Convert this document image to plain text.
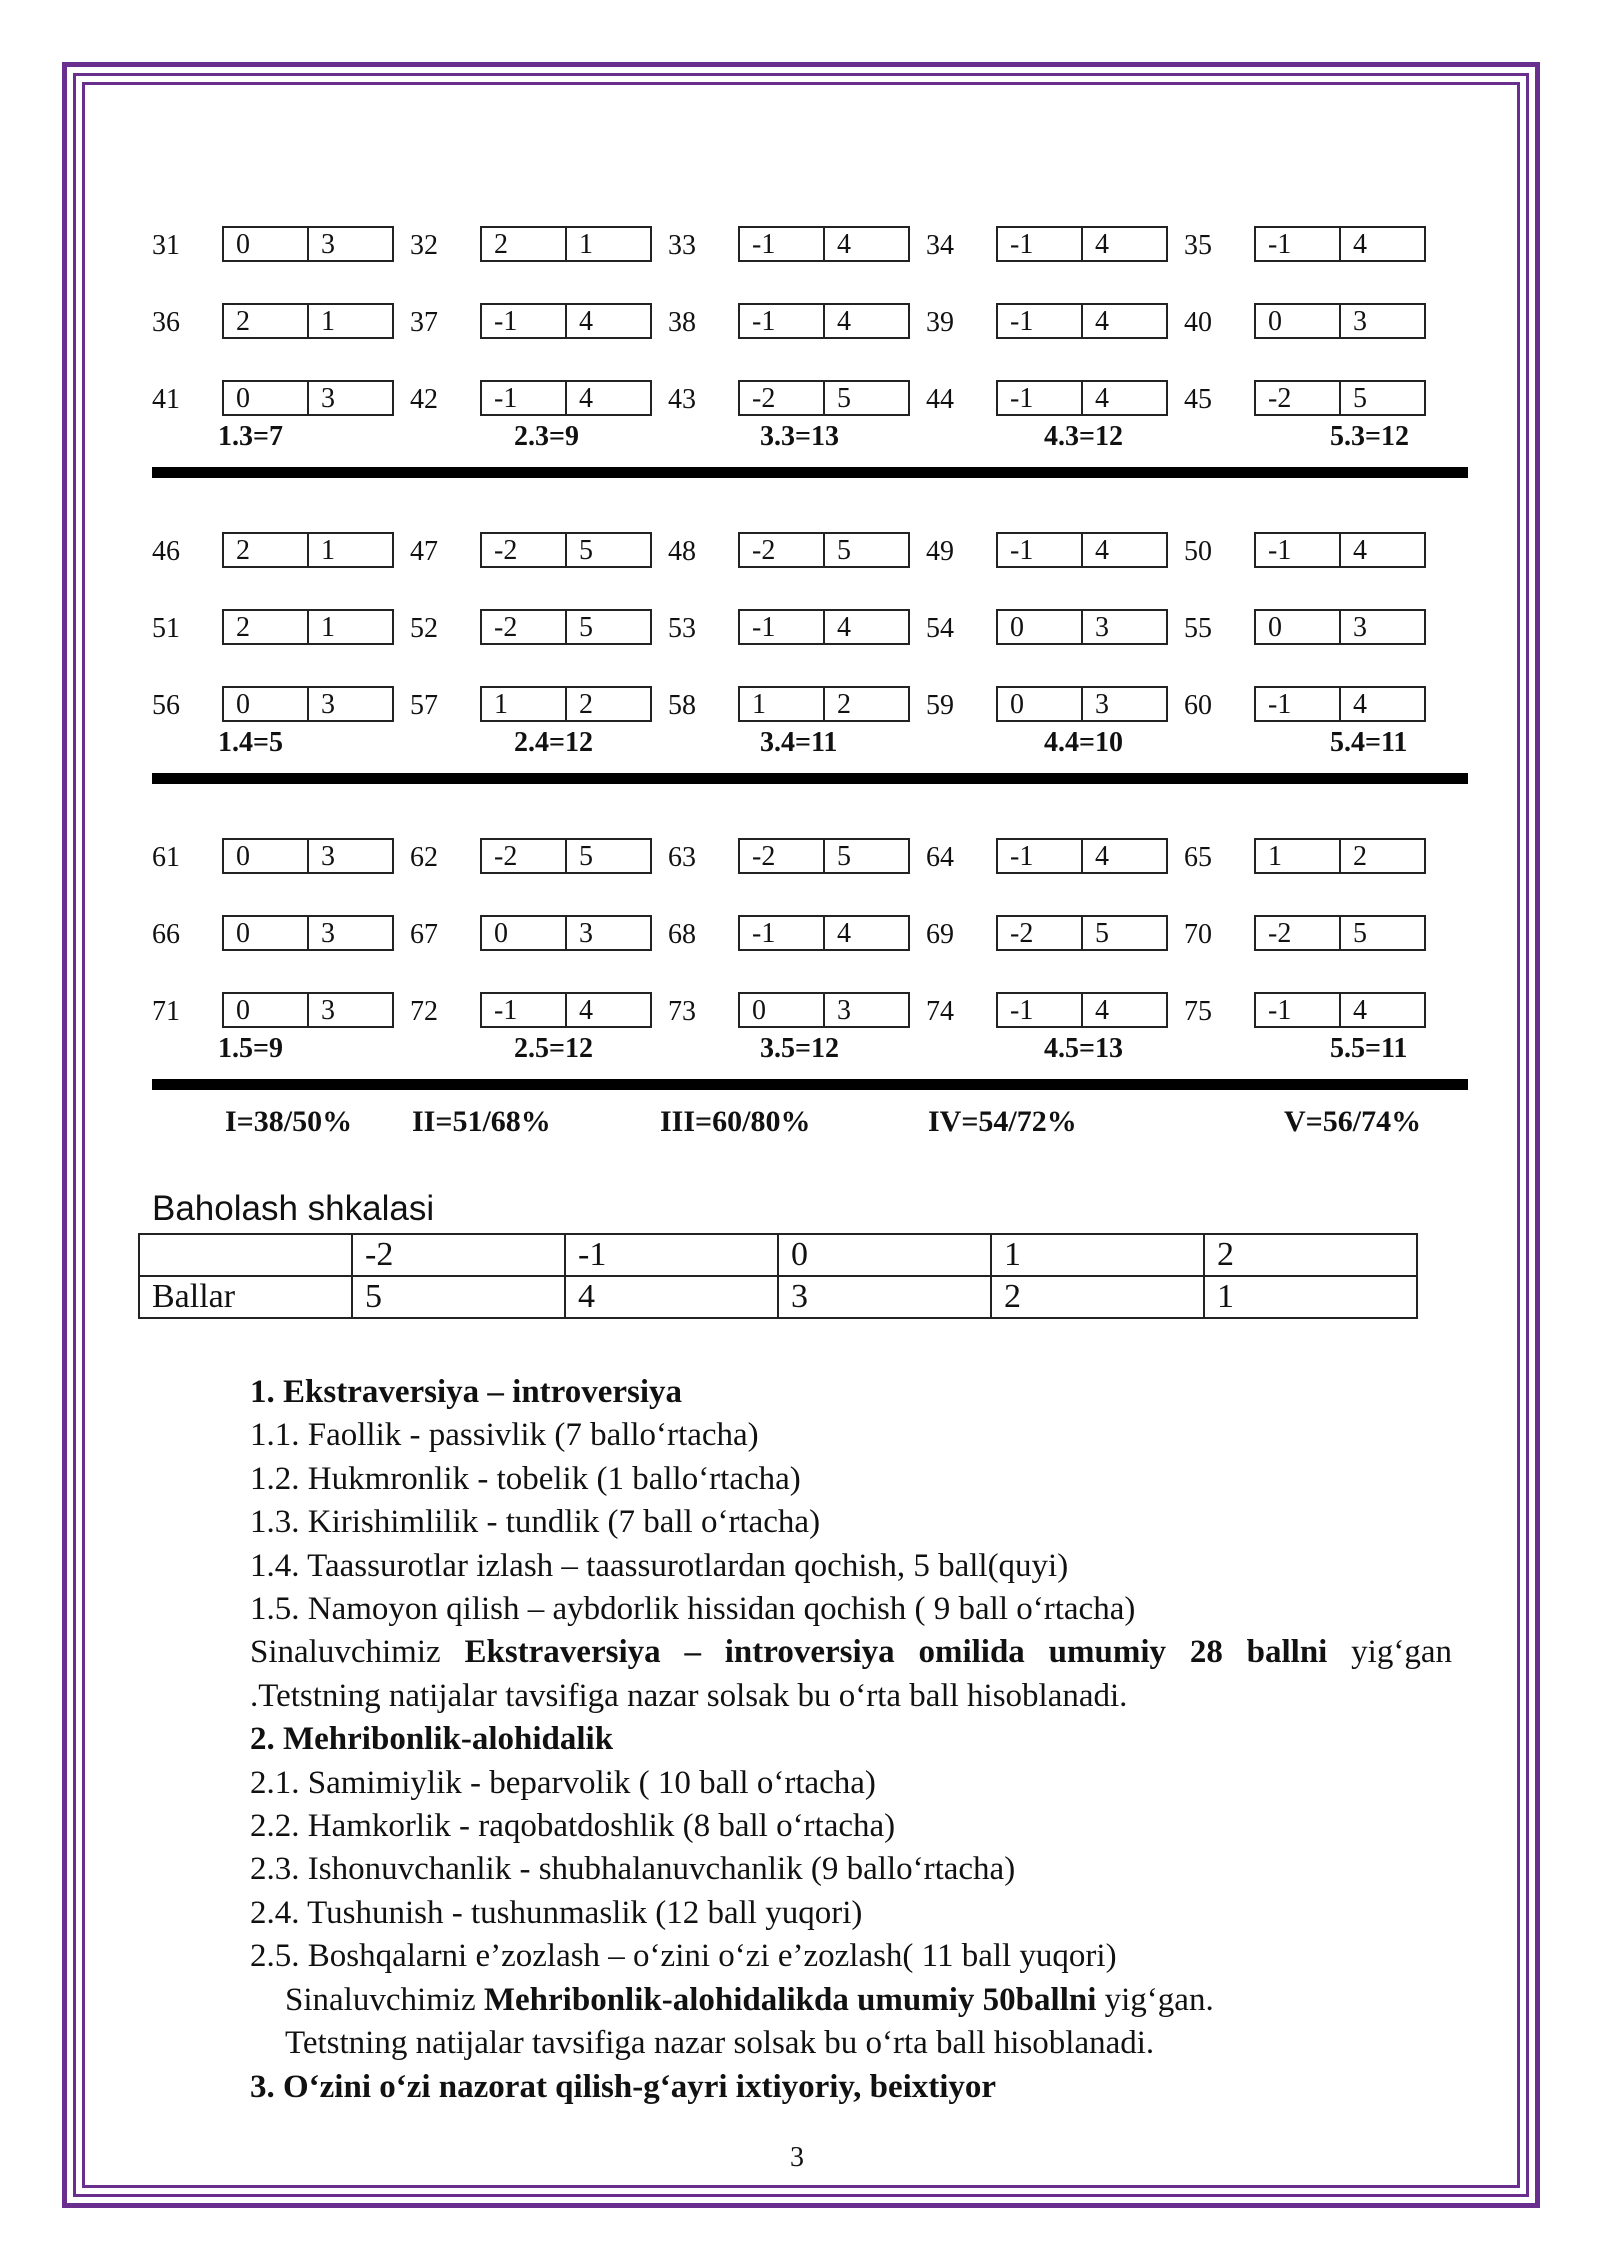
I=38/50% II=51/68%	III=60/80%	IV=54/72%	V=56/74%
Baholash shkalasi
	-2	-1	0	1	2
Ballar	5	4	3	2	1

1. Ekstraversiya – introversiya

1.1. Faollik - passivlik (7 ballo‘rtacha)

1.2. Hukmronlik - tobelik (1 ballo‘rtacha)

1.3. Kirishimlilik - tundlik (7 ball o‘rtacha)

1.4. Taassurotlar izlash – taassurotlardan qochish, 5 ball(quyi)

1.5. Namoyon qilish – aybdorlik hissidan qochish ( 9 ball o‘rtacha)

Sinaluvchimiz Ekstraversiya – introversiya omilida umumiy 28 ballni yig‘gan .Tetstning natijalar tavsifiga nazar solsak bu o‘rta ball hisoblanadi.

2. Mehribonlik-alohidalik

2.1. Samimiylik - beparvolik ( 10 ball o‘rtacha)

2.2. Hamkorlik - raqobatdoshlik (8 ball o‘rtacha)

2.3. Ishonuvchanlik - shubhalanuvchanlik (9 ballo‘rtacha)

2.4. Tushunish - tushunmaslik (12 ball yuqori)

2.5. Boshqalarni e’zozlash – o‘zini o‘zi e’zozlash( 11 ball yuqori)

Sinaluvchimiz Mehribonlik-alohidalikda umumiy 50ballni yig‘gan.

Tetstning natijalar tavsifiga nazar solsak bu o‘rta ball hisoblanadi.

3. O‘zini o‘zi nazorat qilish-g‘ayri ixtiyoriy, beixtiyor

3
31	0	3	32	2	1	33	-1	4	34	-1	4	35	-1	4
36	2	1	37	-1	4	38	-1	4	39	-1	4	40	0	3
41	0	3	42	-1	4	43	-2	5	44	-1	4	45	-2	5
1.3=7	2.3=9	3.3=13	4.3=12	5.3=12
46	2	1	47	-2	5	48	-2	5	49	-1	4	50	-1	4
51	2	1	52	-2	5	53	-1	4	54	0	3	55	0	3
56	0	3	57	1	2	58	1	2	59	0	3	60	-1	4
1.4=5	2.4=12	3.4=11	4.4=10	5.4=11
61	0	3	62	-2	5	63	-2	5	64	-1	4	65	1	2
66	0	3	67	0	3	68	-1	4	69	-2	5	70	-2	5
71	0	3	72	-1	4	73	0	3	74	-1	4	75	-1	4
1.5=9	2.5=12	3.5=12	4.5=13	5.5=11
